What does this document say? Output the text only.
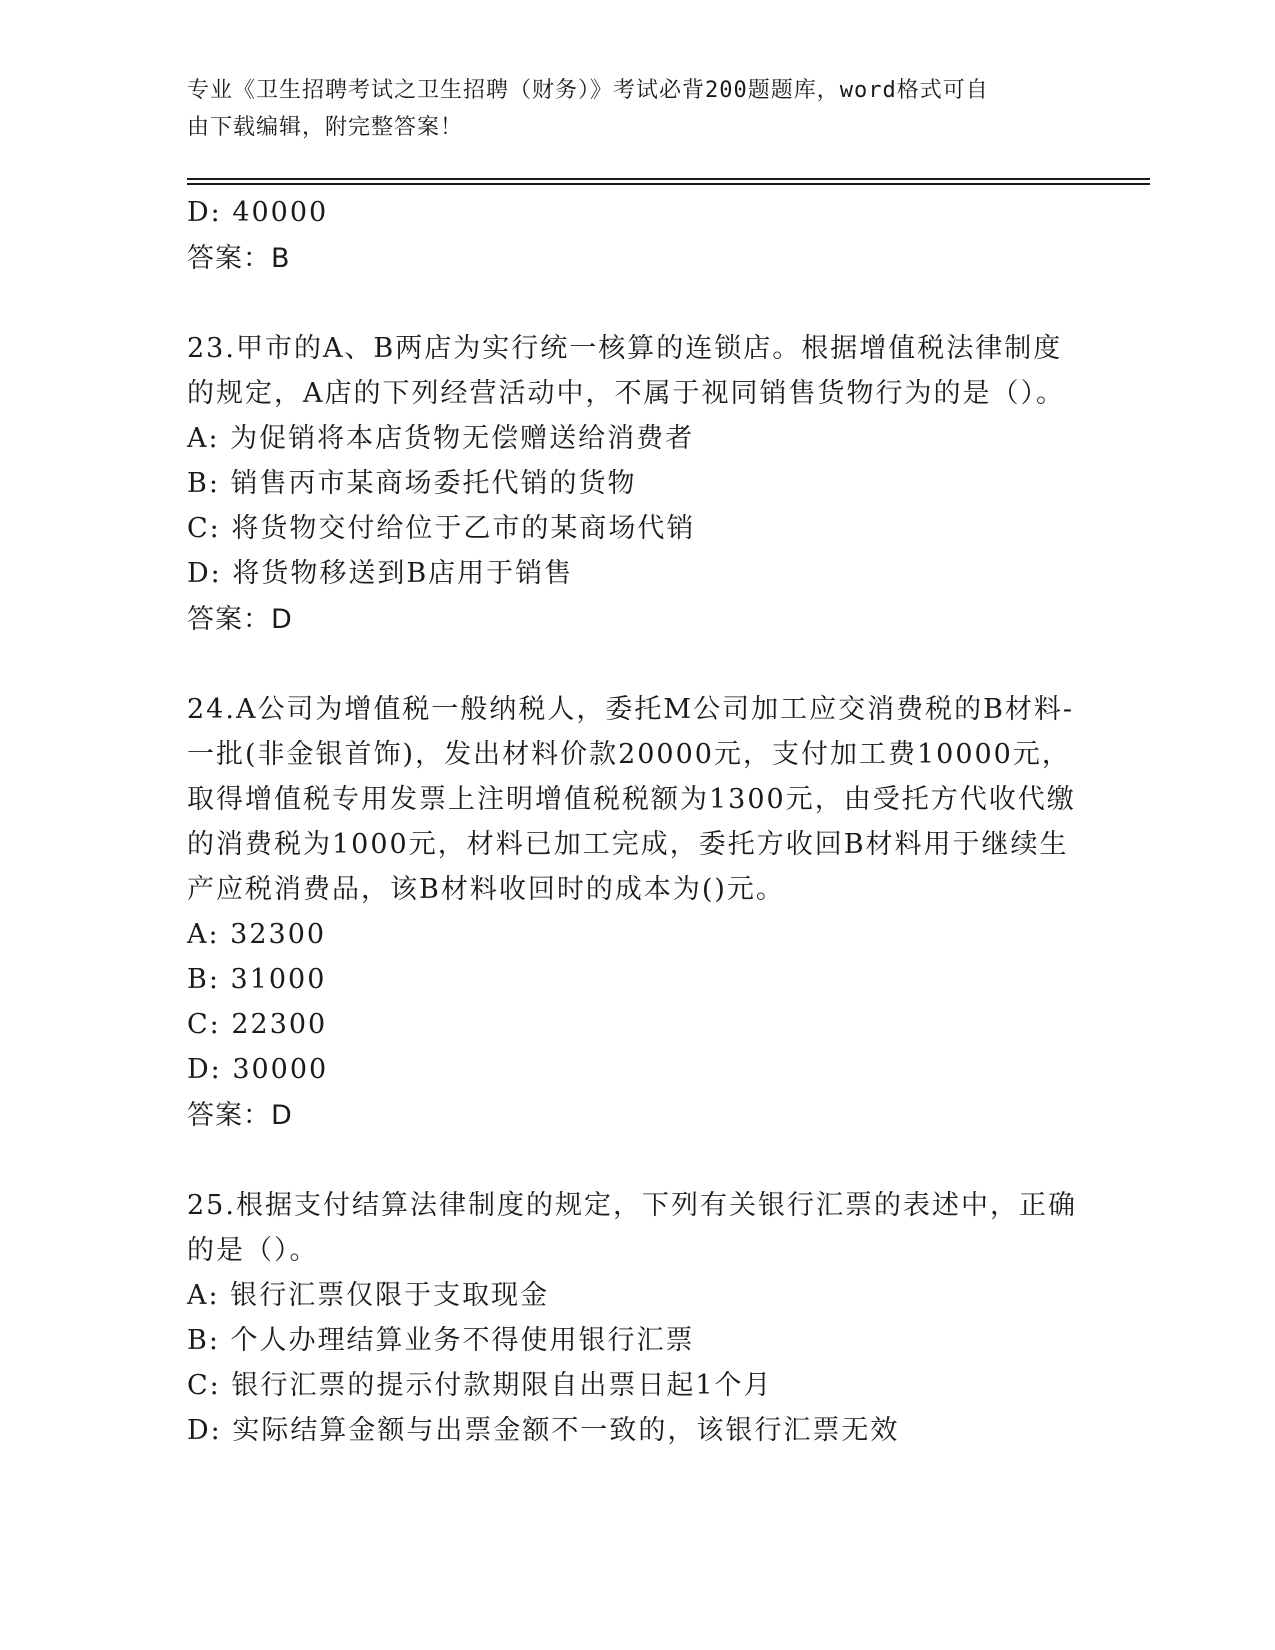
专业《卫生招聘考试之卫生招聘（财务）》考试必背200题题库，word格式可自
由下载编辑，附完整答案！
D: 40000
答案：B
23.甲市的A、B两店为实行统一核算的连锁店。根据增值税法律制度
的规定，A店的下列经营活动中，不属于视同销售货物行为的是（）。
A: 为促销将本店货物无偿赠送给消费者
B: 销售丙市某商场委托代销的货物
C: 将货物交付给位于乙市的某商场代销
D: 将货物移送到B店用于销售
答案：D
24.A公司为增值税一般纳税人，委托M公司加工应交消费税的B材料-
一批(非金银首饰)，发出材料价款20000元，支付加工费10000元，
取得增值税专用发票上注明增值税税额为1300元，由受托方代收代缴
的消费税为1000元，材料已加工完成，委托方收回B材料用于继续生
产应税消费品，该B材料收回时的成本为()元。
A: 32300
B: 31000
C: 22300
D: 30000
答案：D
25.根据支付结算法律制度的规定，下列有关银行汇票的表述中，正确
的是（）。
A: 银行汇票仅限于支取现金
B: 个人办理结算业务不得使用银行汇票
C: 银行汇票的提示付款期限自出票日起1个月
D: 实际结算金额与出票金额不一致的，该银行汇票无效
